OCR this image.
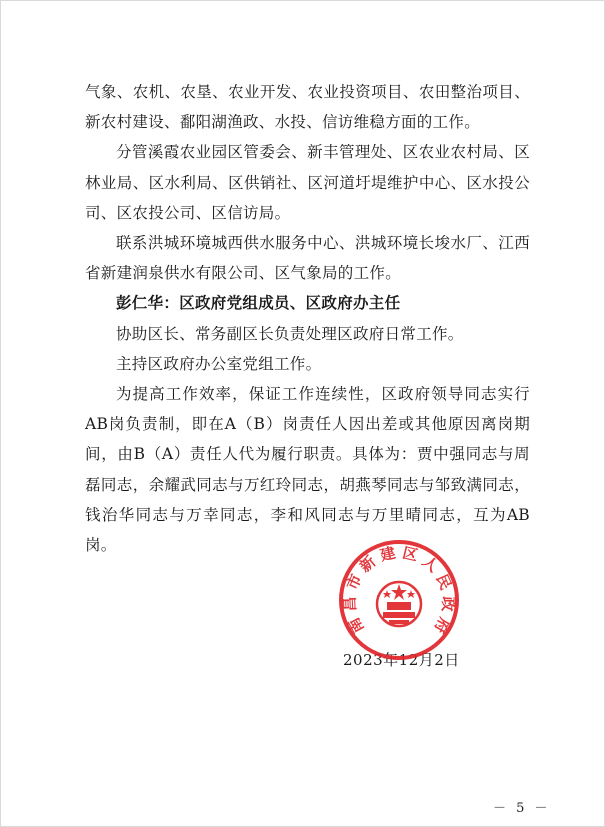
气象、农机、农垦、农业开发、农业投资项目、农田整治项目、新农村建设、鄱阳湖渔政、水投、信访维稳方面的工作。

分管溪霞农业园区管委会、新丰管理处、区农业农村局、区林业局、区水利局、区供销社、区河道圩堤维护中心、区水投公司、区农投公司、区信访局。

联系洪城环境城西供水服务中心、洪城环境长埈水厂、江西省新建润泉供水有限公司、区气象局的工作。

彭仁华：区政府党组成员、区政府办主任

协助区长、常务副区长负责处理区政府日常工作。

主持区政府办公室党组工作。

为提高工作效率，保证工作连续性，区政府领导同志实行AB岗负责制，即在A（B）岗责任人因出差或其他原因离岗期间，由B（A）责任人代为履行职责。具体为：贾中强同志与周磊同志，余耀武同志与万红玲同志，胡燕琴同志与邹致满同志，钱治华同志与万幸同志，李和风同志与万里晴同志，互为AB岗。

2023年12月2日
南 昌 市 新 建 区 人 民 政 府
－ 5 －
